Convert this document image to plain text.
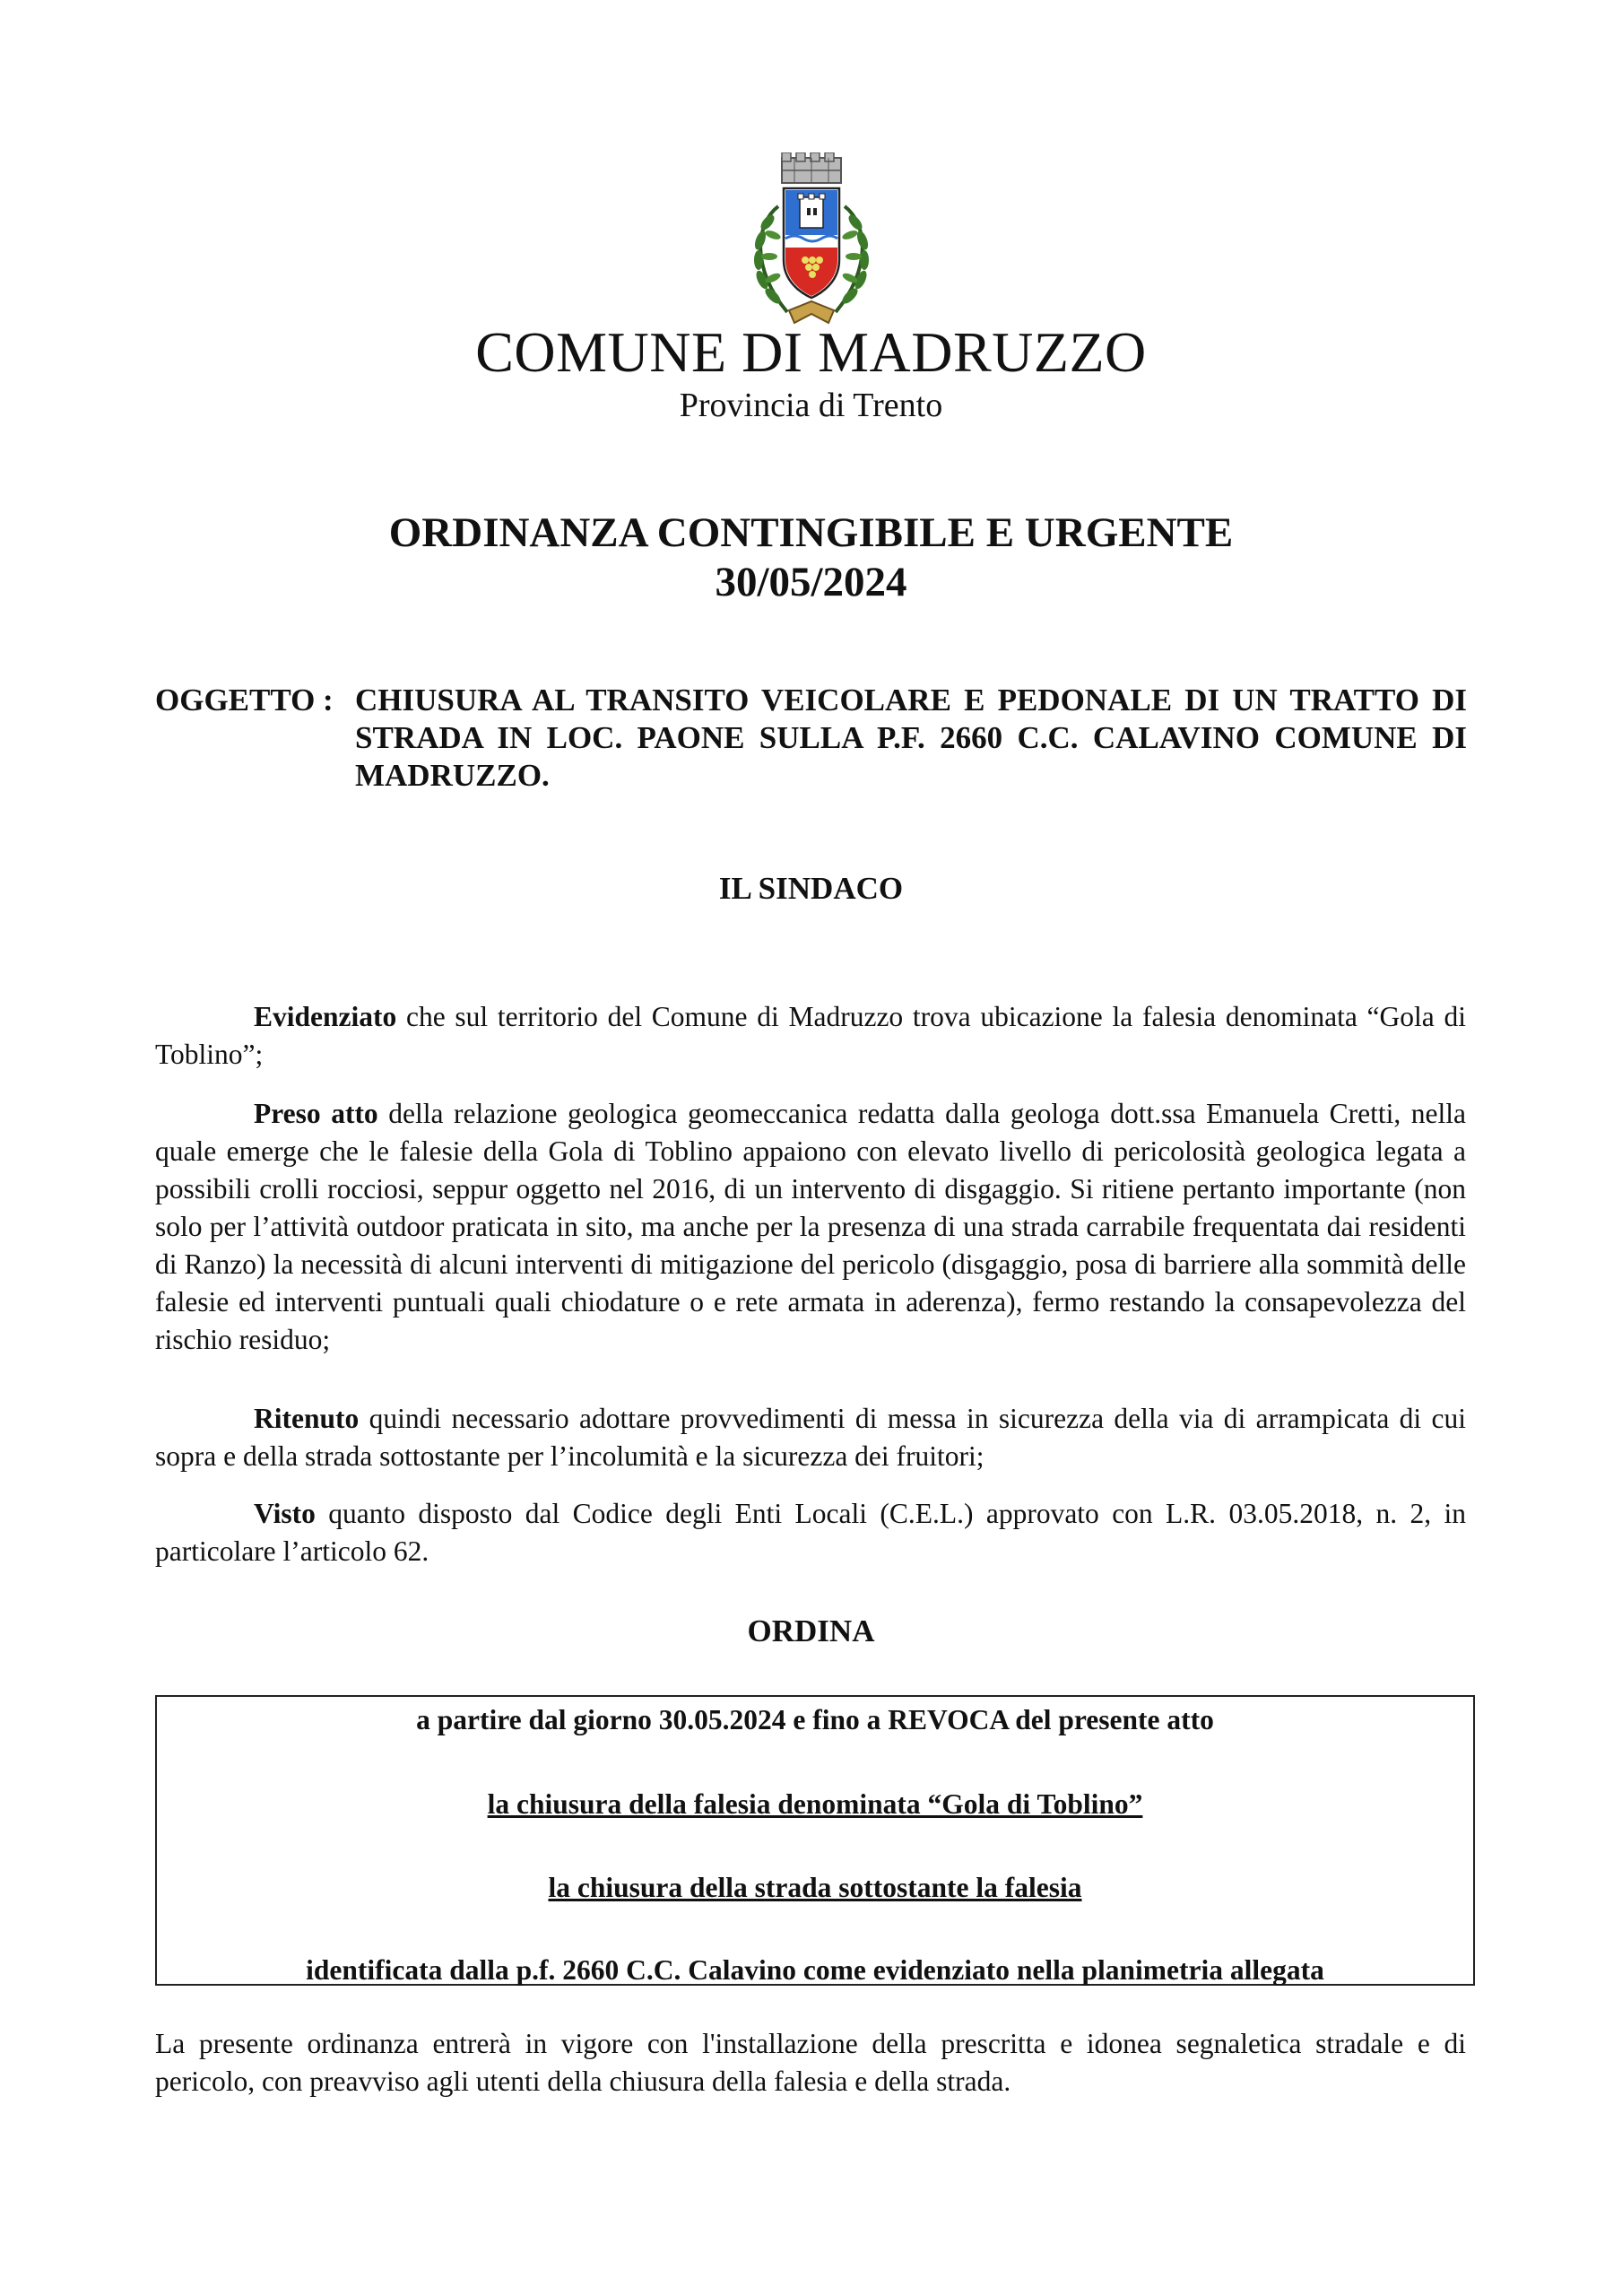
COMUNE DI MADRUZZO
Provincia di Trento
ORDINANZA CONTINGIBILE E URGENTE
30/05/2024
OGGETTO : CHIUSURA AL TRANSITO VEICOLARE E PEDONALE DI UN TRATTO DI STRADA IN LOC. PAONE SULLA P.F. 2660 C.C. CALAVINO COMUNE DI MADRUZZO.
IL SINDACO
Evidenziato che sul territorio del Comune di Madruzzo trova ubicazione la falesia denominata “Gola di Toblino”;
Preso atto della relazione geologica geomeccanica redatta dalla geologa dott.ssa Emanuela Cretti, nella quale emerge che le falesie della Gola di Toblino appaiono con elevato livello di pericolosità geologica legata a possibili crolli rocciosi, seppur oggetto nel 2016, di un intervento di disgaggio. Si ritiene pertanto importante (non solo per l’attività outdoor praticata in sito, ma anche per la presenza di una strada carrabile frequentata dai residenti di Ranzo) la necessità di alcuni interventi di mitigazione del pericolo (disgaggio, posa di barriere alla sommità delle falesie ed interventi puntuali quali chiodature o e rete armata in aderenza), fermo restando la consapevolezza del rischio residuo;
Ritenuto quindi necessario adottare provvedimenti di messa in sicurezza della via di arrampicata di cui sopra e della strada sottostante per l’incolumità e la sicurezza dei fruitori;
Visto quanto disposto dal Codice degli Enti Locali (C.E.L.) approvato con L.R. 03.05.2018, n. 2, in particolare l’articolo 62.
ORDINA
a partire dal giorno 30.05.2024 e fino a REVOCA del presente atto
la chiusura della falesia denominata “Gola di Toblino”
la chiusura della strada sottostante la falesia
identificata dalla p.f. 2660 C.C. Calavino come evidenziato nella planimetria allegata
La presente ordinanza entrerà in vigore con l'installazione della prescritta e idonea segnaletica stradale e di pericolo, con preavviso agli utenti della chiusura della falesia e della strada.
